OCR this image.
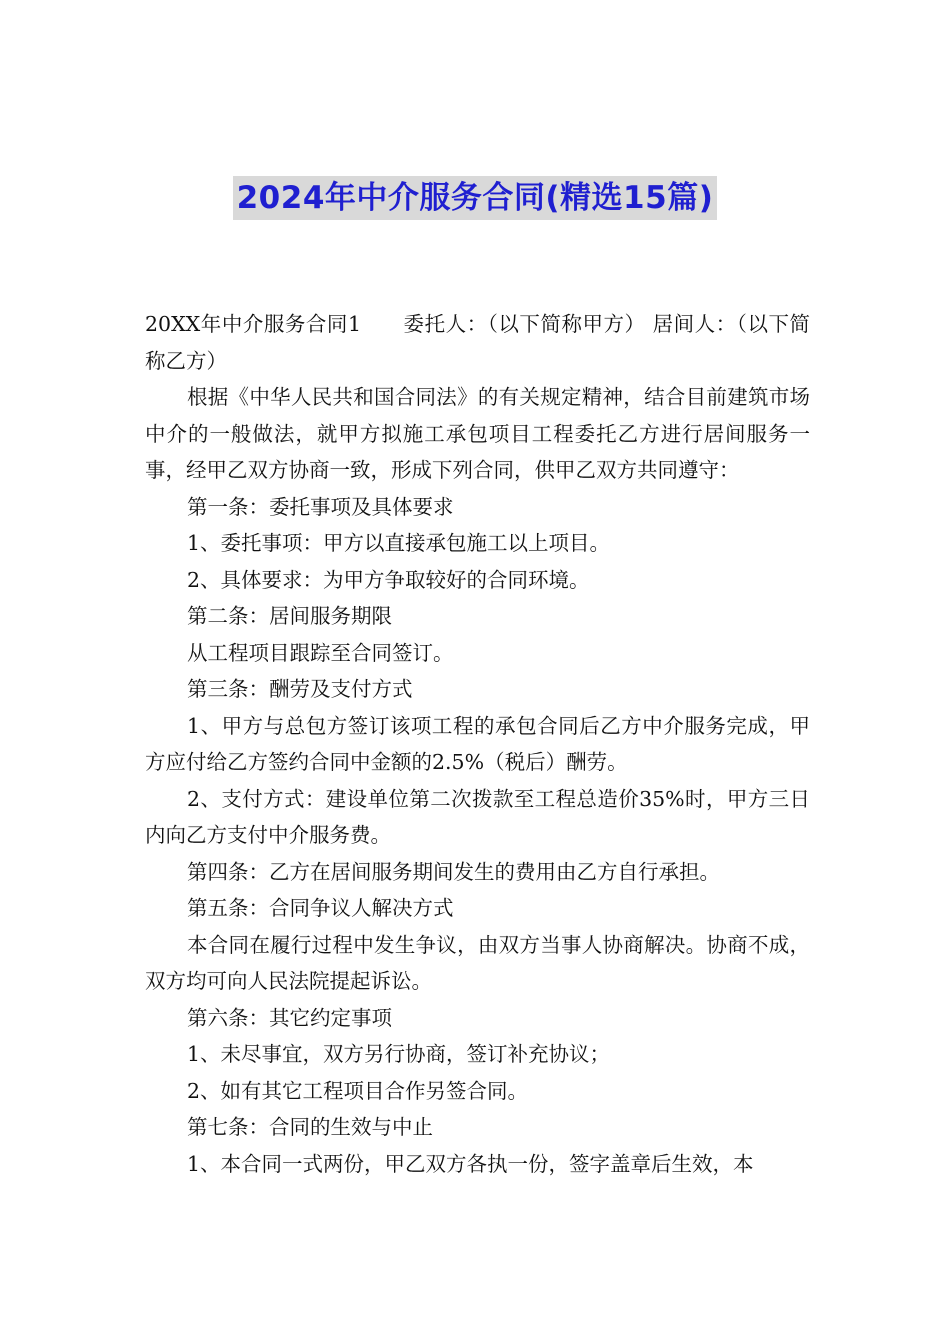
2024年中介服务合同(精选15篇)

20XX年中介服务合同1　　委托人：（以下简称甲方） 居间人：（以下简称乙方）

根据《中华人民共和国合同法》的有关规定精神，结合目前建筑市场中介的一般做法，就甲方拟施工承包项目工程委托乙方进行居间服务一事，经甲乙双方协商一致，形成下列合同，供甲乙双方共同遵守：

第一条：委托事项及具体要求

1、委托事项：甲方以直接承包施工以上项目。

2、具体要求：为甲方争取较好的合同环境。

第二条：居间服务期限

从工程项目跟踪至合同签订。

第三条：酬劳及支付方式

1、甲方与总包方签订该项工程的承包合同后乙方中介服务完成，甲方应付给乙方签约合同中金额的2.5%（税后）酬劳。

2、支付方式：建设单位第二次拨款至工程总造价35%时，甲方三日内向乙方支付中介服务费。

第四条：乙方在居间服务期间发生的费用由乙方自行承担。

第五条：合同争议人解决方式

本合同在履行过程中发生争议，由双方当事人协商解决。协商不成，双方均可向人民法院提起诉讼。

第六条：其它约定事项

1、未尽事宜，双方另行协商，签订补充协议；

2、如有其它工程项目合作另签合同。

第七条：合同的生效与中止

1、本合同一式两份，甲乙双方各执一份，签字盖章后生效，本
